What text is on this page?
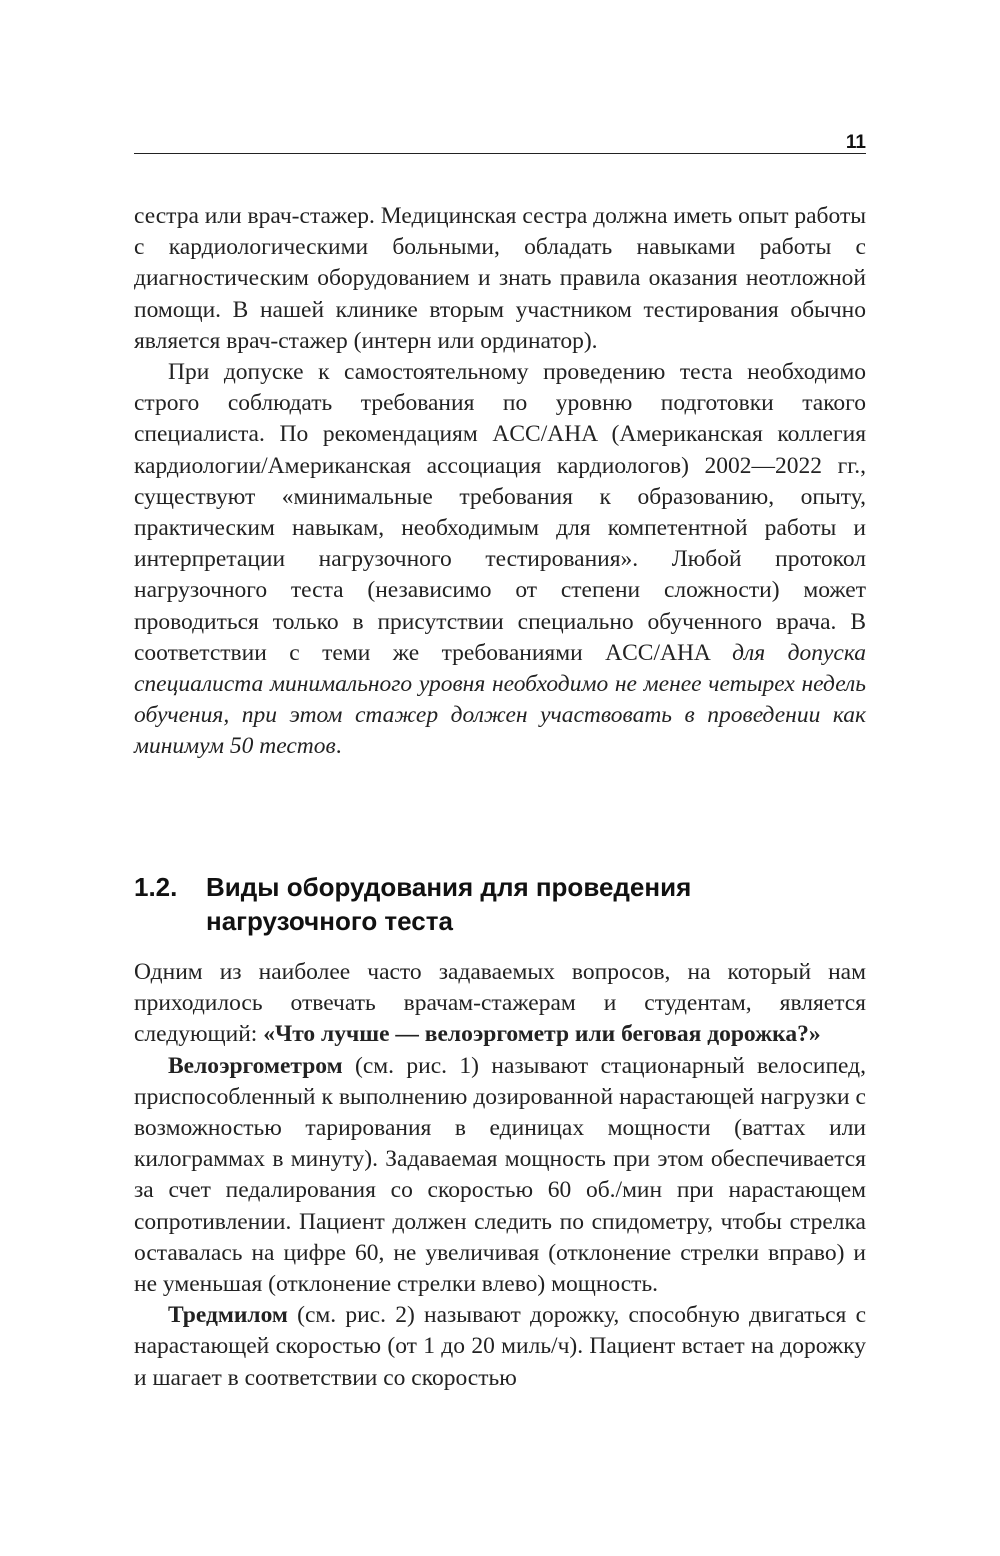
11

сестра или врач-стажер. Медицинская сестра должна иметь опыт работы с кардиологическими больными, обладать навыками работы с диагностическим оборудованием и знать правила оказания неотложной помощи. В нашей клинике вторым участником тестирования обычно является врач-стажер (интерн или ординатор).

При допуске к самостоятельному проведению теста необходимо строго соблюдать требования по уровню подготовки такого специалиста. По рекомендациям ACC/AHA (Американская коллегия кардиологии/Американская ассоциация кардиологов) 2002—2022 гг., существуют «минимальные требования к образованию, опыту, практическим навыкам, необходимым для компетентной работы и интерпретации нагрузочного тестирования». Любой протокол нагрузочного теста (независимо от степени сложности) может проводиться только в присутствии специально обученного врача. В соответствии с теми же требованиями ACC/AHA для допуска специалиста минимального уровня необходимо не менее четырех недель обучения, при этом стажер должен участвовать в проведении как минимум 50 тестов.

1.2.	Виды оборудования для проведения нагрузочного теста

Одним из наиболее часто задаваемых вопросов, на который нам приходилось отвечать врачам-стажерам и студентам, является следующий: «Что лучше — велоэргометр или беговая дорожка?»

Велоэргометром (см. рис. 1) называют стационарный велосипед, приспособленный к выполнению дозированной нарастающей нагрузки с возможностью тарирования в единицах мощности (ваттах или килограммах в минуту). Задаваемая мощность при этом обеспечивается за счет педалирования со скоростью 60 об./мин при нарастающем сопротивлении. Пациент должен следить по спидометру, чтобы стрелка оставалась на цифре 60, не увеличивая (отклонение стрелки вправо) и не уменьшая (отклонение стрелки влево) мощность.

Тредмилом (см. рис. 2) называют дорожку, способную двигаться с нарастающей скоростью (от 1 до 20 миль/ч). Пациент встает на дорожку и шагает в соответствии со скоростью
